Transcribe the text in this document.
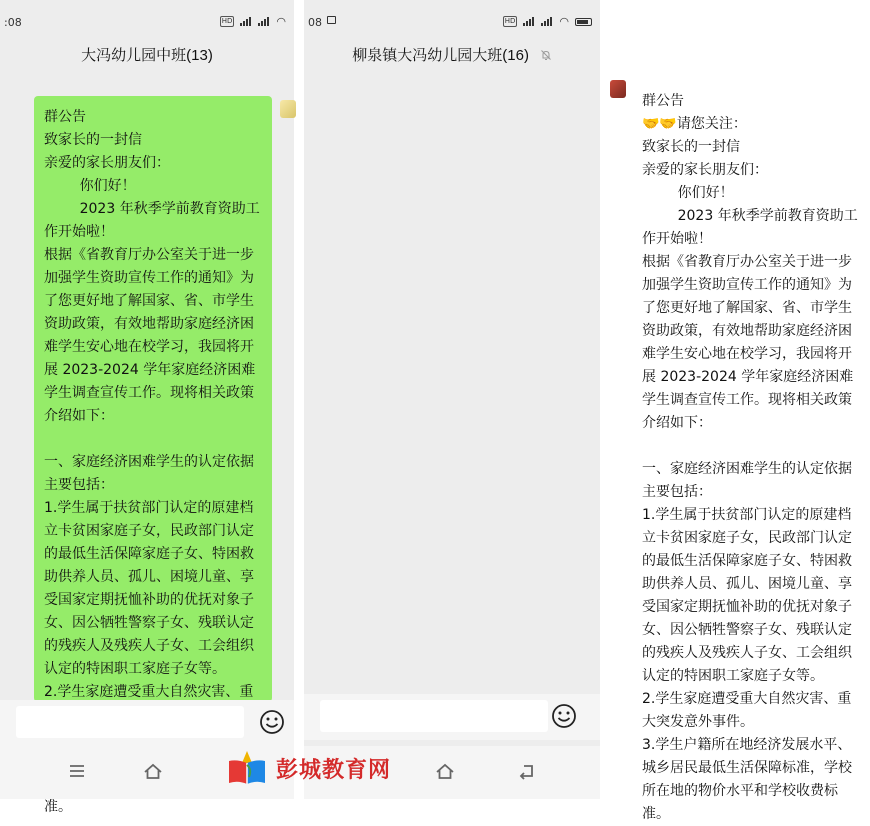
:08	HD	◠
大冯幼儿园中班(13)
群公告
致家长的一封信
亲爱的家长朋友们：
你们好！
2023 年秋季学前教育资助工
作开始啦！
根据《省教育厅办公室关于进一步
加强学生资助宣传工作的通知》为
了您更好地了解国家、省、市学生
资助政策，有效地帮助家庭经济困
难学生安心地在校学习，我园将开
展 2023-2024 学年家庭经济困难
学生调查宣传工作。现将相关政策
介绍如下：

一、家庭经济困难学生的认定依据
主要包括：
1.学生属于扶贫部门认定的原建档
立卡贫困家庭子女，民政部门认定
的最低生活保障家庭子女、特困救
助供养人员、孤儿、困境儿童、享
受国家定期抚恤补助的优抚对象子
女、因公牺牲警察子女、残联认定
的残疾人及残疾人子女、工会组织
认定的特困职工家庭子女等。
2.学生家庭遭受重大自然灾害、重

准。
08	HD	◠
柳泉镇大冯幼儿园大班(16)
群公告
🤝🤝请您关注：
致家长的一封信
亲爱的家长朋友们：
你们好！
2023 年秋季学前教育资助工
作开始啦！
根据《省教育厅办公室关于进一步
加强学生资助宣传工作的通知》为
了您更好地了解国家、省、市学生
资助政策，有效地帮助家庭经济困
难学生安心地在校学习，我园将开
展 2023-2024 学年家庭经济困难
学生调查宣传工作。现将相关政策
介绍如下：

一、家庭经济困难学生的认定依据
主要包括：
1.学生属于扶贫部门认定的原建档
立卡贫困家庭子女，民政部门认定
的最低生活保障家庭子女、特困救
助供养人员、孤儿、困境儿童、享
受国家定期抚恤补助的优抚对象子
女、因公牺牲警察子女、残联认定
的残疾人及残疾人子女、工会组织
认定的特困职工家庭子女等。
2.学生家庭遭受重大自然灾害、重
大突发意外事件。
3.学生户籍所在地经济发展水平、
城乡居民最低生活保障标准，学校
所在地的物价水平和学校收费标
准。
彭城教育网
